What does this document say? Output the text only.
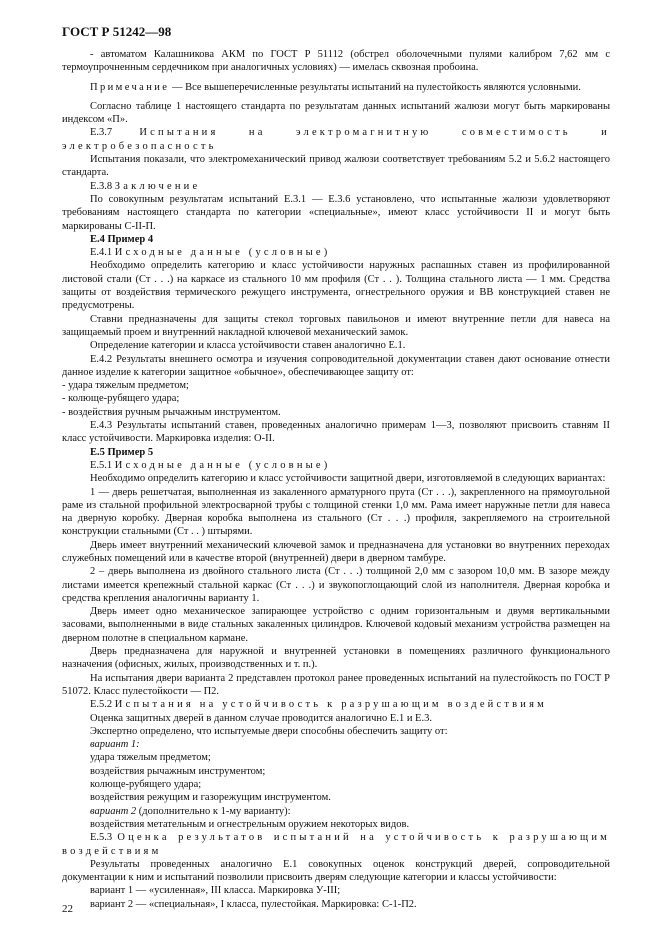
ГОСТ Р 51242—98

- автоматом Калашникова АКМ по ГОСТ Р 51112 (обстрел оболочечными пулями калибром 7,62 мм с термоупрочненным сердечником при аналогичных условиях) — имелась сквозная пробоина.

Примечание — Все вышеперечисленные результаты испытаний на пулестойкость являются условными.

Согласно таблице 1 настоящего стандарта по результатам данных испытаний жалюзи могут быть маркированы индексом «П».

Е.3.7 Испытания на электромагнитную совместимость и электробезопасность

Испытания показали, что электромеханический привод жалюзи соответствует требованиям 5.2 и 5.6.2 настоящего стандарта.

Е.3.8 Заключение

По совокупным результатам испытаний Е.3.1 — Е.3.6 установлено, что испытанные жалюзи удовлетворяют требованиям настоящего стандарта по категории «специальные», имеют класс устойчивости II и могут быть маркированы С-II-П.

Е.4 Пример 4

Е.4.1 Исходные данные (условные)

Необходимо определить категорию и класс устойчивости наружных распашных ставен из профилированной листовой стали (Ст . . .) на каркасе из стального 10 мм профиля (Ст . . ). Толщина стального листа — 1 мм. Средства защиты от воздействия термического режущего инструмента, огнестрельного оружия и ВВ конструкцией ставен не предусмотрены.

Ставни предназначены для защиты стекол торговых павильонов и имеют внутренние петли для навеса на защищаемый проем и внутренний накладной ключевой механический замок.

Определение категории и класса устойчивости ставен аналогично Е.1.

Е.4.2 Результаты внешнего осмотра и изучения сопроводительной документации ставен дают основание отнести данное изделие к категории защитное «обычное», обеспечивающее защиту от:

- удара тяжелым предметом;

- колюще-рубящего удара;

- воздействия ручным рычажным инструментом.

Е.4.3 Результаты испытаний ставен, проведенных аналогично примерам 1—3, позволяют присвоить ставням II класс устойчивости. Маркировка изделия: О-II.

Е.5 Пример 5

Е.5.1 Исходные данные (условные)

Необходимо определить категорию и класс устойчивости защитной двери, изготовляемой в следующих вариантах:

1 — дверь решетчатая, выполненная из закаленного арматурного прута (Ст . . .), закрепленного на прямоугольной раме из стальной профильной электросварной трубы с толщиной стенки 1,0 мм. Рама имеет наружные петли для навеса на дверную коробку. Дверная коробка выполнена из стального (Ст . . .) профиля, закрепляемого на строительной конструкции стальными (Ст . . ) штырями.

Дверь имеет внутренний механический ключевой замок и предназначена для установки во внутренних переходах служебных помещений или в качестве второй (внутренней) двери в дверном тамбуре.

2 – дверь выполнена из двойного стального листа (Ст . . .) толщиной 2,0 мм с зазором 10,0 мм. В зазоре между листами имеется крепежный стальной каркас (Ст . . .) и звукопоглощающий слой из наполнителя. Дверная коробка и средства крепления аналогичны варианту 1.

Дверь имеет одно механическое запирающее устройство с одним горизонтальным и двумя вертикальными засовами, выполненными в виде стальных закаленных цилиндров. Ключевой кодовый механизм устройства размещен на дверном полотне в специальном кармане.

Дверь предназначена для наружной и внутренней установки в помещениях различного функционального назначения (офисных, жилых, производственных и т. п.).

На испытания двери варианта 2 представлен протокол ранее проведенных испытаний на пулестойкость по ГОСТ Р 51072. Класс пулестойкости — П2.

Е.5.2 Испытания на устойчивость к разрушающим воздействиям

Оценка защитных дверей в данном случае проводится аналогично Е.1 и Е.3.

Экспертно определено, что испытуемые двери способны обеспечить защиту от:

вариант 1:

удара тяжелым предметом;

воздействия рычажным инструментом;

колюще-рубящего удара;

воздействия режущим и газорежущим инструментом.

вариант 2 (дополнительно к 1-му варианту):

воздействия метательным и огнестрельным оружием некоторых видов.

Е.5.3 Оценка результатов испытаний на устойчивость к разрушающим воздействиям

Результаты проведенных аналогично Е.1 совокупных оценок конструкций дверей, сопроводительной документации к ним и испытаний позволили присвоить дверям следующие категории и классы устойчивости:

вариант 1 — «усиленная», III класса. Маркировка У-III;

вариант 2 — «специальная», I класса, пулестойкая. Маркировка: С-1-П2.

22
